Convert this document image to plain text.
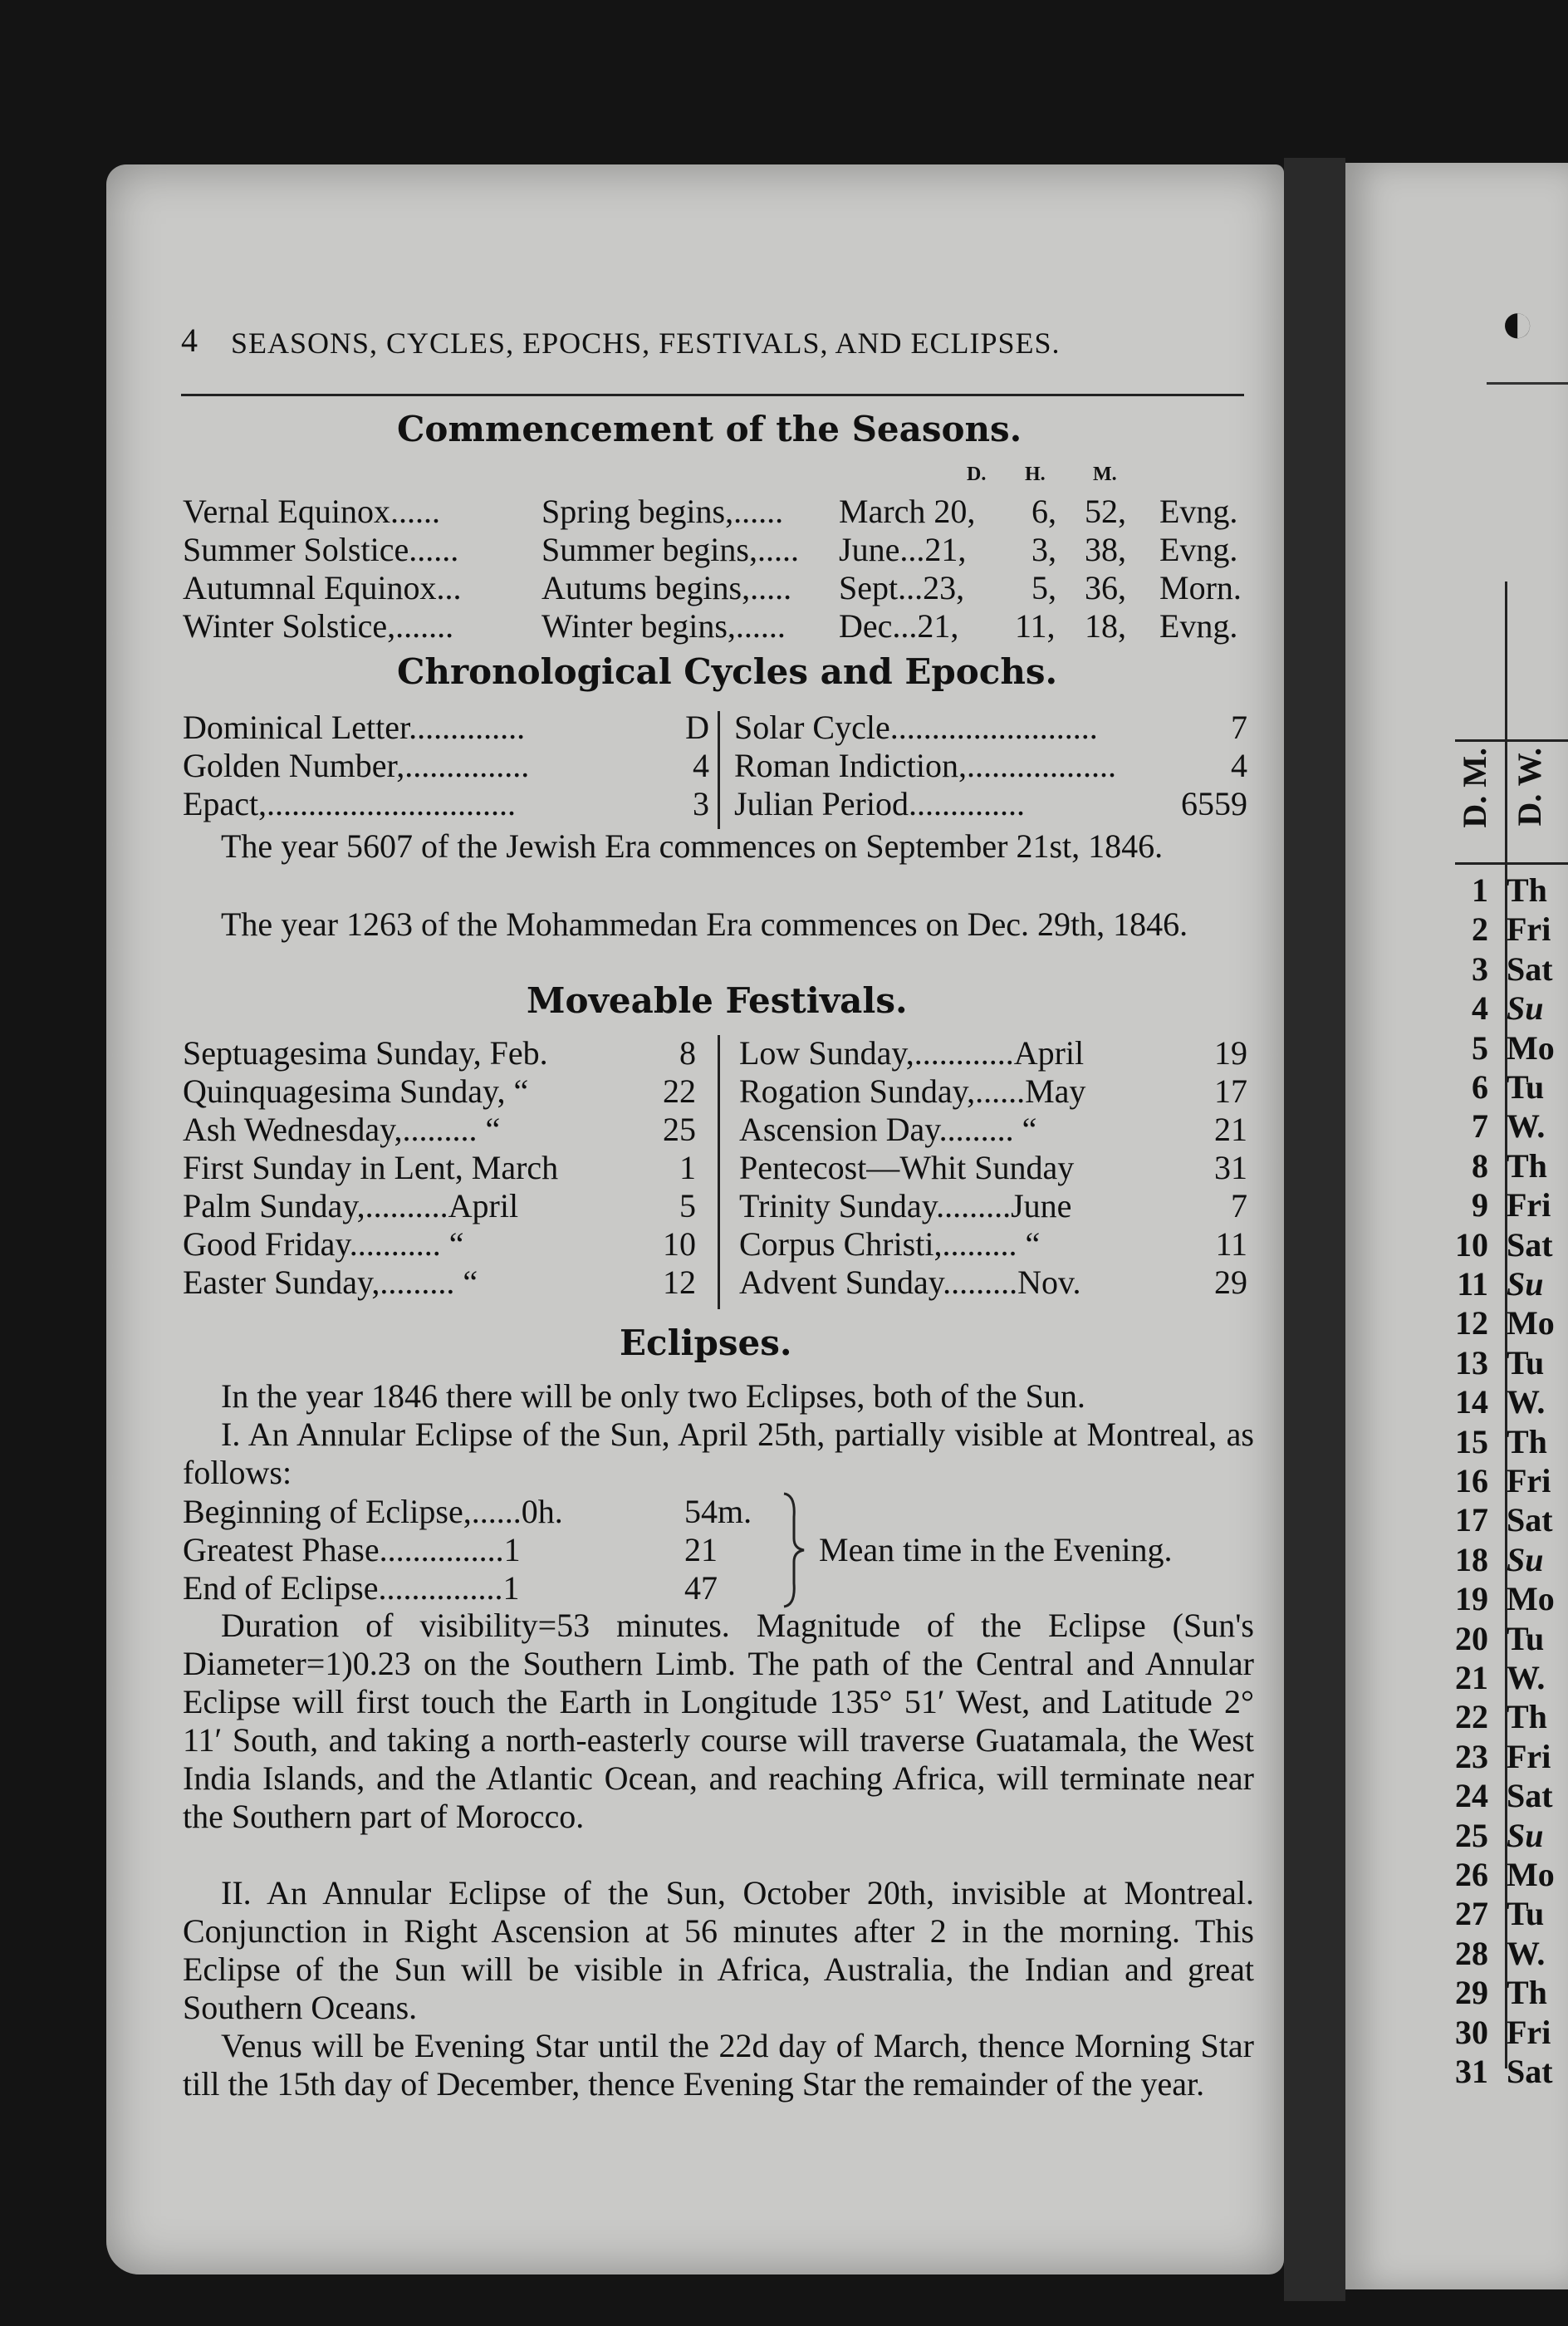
4 SEASONS, CYCLES, EPOCHS, FESTIVALS, AND ECLIPSES.
Commencement of the Seasons.
D. H. M.
Vernal Equinox......	Spring begins,...... March 20, 6, 52, Evng.
Summer Solstice...... Summer begins,..... June...21, 3, 38, Evng.
Autumnal Equinox... Autums begins,..... Sept...23, 5, 36, Morn.
Winter Solstice,.......	Winter begins,...... Dec...21, 11, 18, Evng.
Chronological Cycles and Epochs.
Dominical Letter..............	D Solar Cycle.........................	7
Golden Number,...............	4 Roman Indiction,..................	4
Epact,..............................	3 Julian Period..............	6559
The year 5607 of the Jewish Era commences on September 21st, 1846.
The year 1263 of the Mohammedan Era commences on Dec. 29th, 1846.
Moveable Festivals.
Septuagesima Sunday, Feb.	8 Low Sunday,............April	19
Quinquagesima Sunday, “	22 Rogation Sunday,......May	17
Ash Wednesday,......... “	25 Ascension Day......... “	21
First Sunday in Lent, March	1 Pentecost—Whit Sunday	31
Palm Sunday,..........April	5 Trinity Sunday.........June	7
Good Friday........... “	10 Corpus Christi,......... “	11
Easter Sunday,......... “	12 Advent Sunday.........Nov.	29
Eclipses.
In the year 1846 there will be only two Eclipses, both of the Sun.
I. An Annular Eclipse of the Sun, April 25th, partially visible at Montreal, as follows:
Beginning of Eclipse,......0h.	54m.
Greatest Phase...............1	21
End of Eclipse...............1	47
Mean time in the Evening.
Duration of visibility=53 minutes. Magnitude of the Eclipse (Sun's Diameter=1)0.23 on the Southern Limb. The path of the Central and Annular Eclipse will first touch the Earth in Longitude 135° 51′ West, and Latitude 2° 11′ South, and taking a north-easterly course will traverse Guatamala, the West India Islands, and the Atlantic Ocean, and reaching Africa, will terminate near the Southern part of Morocco.
II. An Annular Eclipse of the Sun, October 20th, invisible at Montreal. Conjunction in Right Ascension at 56 minutes after 2 in the morning. This Eclipse of the Sun will be visible in Africa, Australia, the Indian and great Southern Oceans.
Venus will be Evening Star until the 22d day of March, thence Morning Star till the 15th day of December, thence Evening Star the remainder of the year.
◐
D. M. D. W.
1 Th
2 Fri
3 Sat
4 Su
5 Mo
6 Tu
7 W.
8 Th
9 Fri
10 Sat
11 Su
12 Mo
13 Tu
14 W.
15 Th
16 Fri
17 Sat
18 Su
19 Mo
20 Tu
21 W.
22 Th
23 Fri
24 Sat
25 Su
26 Mo
27 Tu
28 W.
29 Th
30 Fri
31 Sat
